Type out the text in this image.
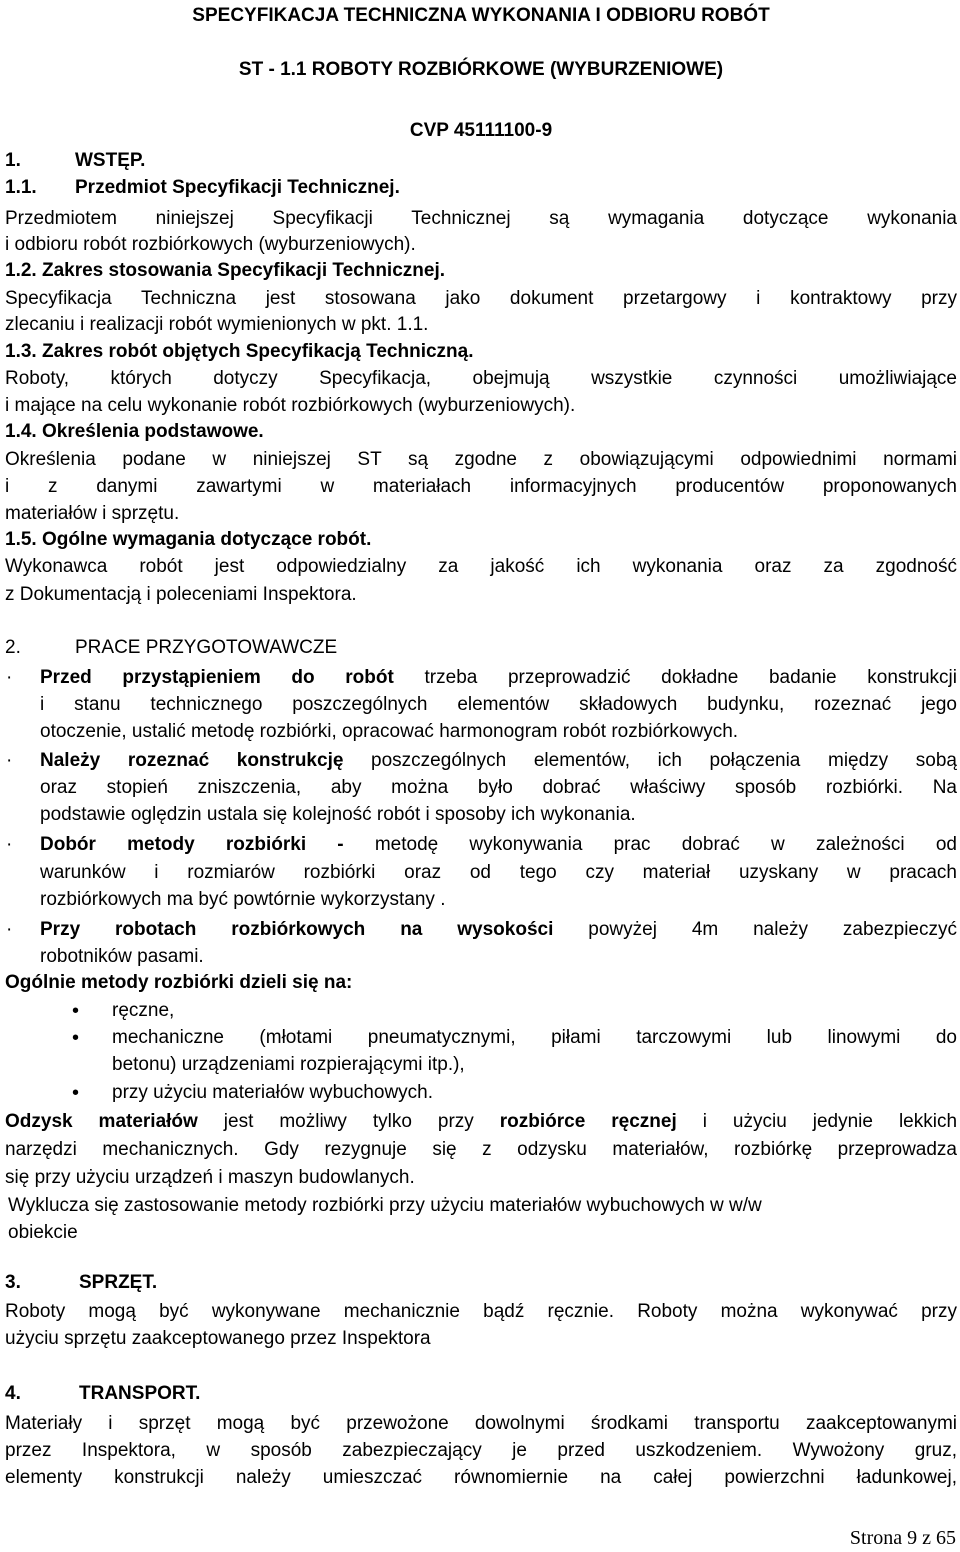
SPECYFIKACJA TECHNICZNA WYKONANIA I ODBIORU ROBÓT
ST - 1.1 ROBOTY ROZBIÓRKOWE (WYBURZENIOWE)
CVP 45111100-9
1.	WSTĘP.
1.1. Przedmiot Specyfikacji Technicznej.
Przedmiotem niniejszej Specyfikacji Technicznej są wymagania dotyczące wykonania
i odbioru robót rozbiórkowych (wyburzeniowych).
1.2. Zakres stosowania Specyfikacji Technicznej.
Specyfikacja Techniczna jest stosowana jako dokument przetargowy i kontraktowy przy
zlecaniu i realizacji robót wymienionych w pkt. 1.1.
1.3. Zakres robót objętych Specyfikacją Techniczną.
Roboty, których dotyczy Specyfikacja, obejmują wszystkie czynności umożliwiające
i mające na celu wykonanie robót rozbiórkowych (wyburzeniowych).
1.4. Określenia podstawowe.
Określenia podane w niniejszej ST są zgodne z obowiązującymi odpowiednimi normami
i z danymi zawartymi w materiałach informacyjnych producentów proponowanych
materiałów i sprzętu.
1.5. Ogólne wymagania dotyczące robót.
Wykonawca robót jest odpowiedzialny za jakość ich wykonania oraz za zgodność
z Dokumentacją i poleceniami Inspektora.
2.	PRACE PRZYGOTOWAWCZE
·	Przed przystąpieniem do robót trzeba przeprowadzić dokładne badanie konstrukcji
i stanu technicznego poszczególnych elementów składowych budynku, rozeznać jego
otoczenie, ustalić metodę rozbiórki, opracować harmonogram robót rozbiórkowych.
·	Należy rozeznać konstrukcję poszczególnych elementów, ich połączenia między sobą
oraz stopień zniszczenia, aby można było dobrać właściwy sposób rozbiórki. Na
podstawie oględzin ustala się kolejność robót i sposoby ich wykonania.
·	Dobór metody rozbiórki - metodę wykonywania prac dobrać w zależności od
warunków i rozmiarów rozbiórki oraz od tego czy materiał uzyskany w pracach
rozbiórkowych ma być powtórnie wykorzystany .
·	Przy robotach rozbiórkowych na wysokości powyżej 4m należy zabezpieczyć
robotników pasami.
Ogólnie metody rozbiórki dzieli się na:
•	ręczne,
•	mechaniczne (młotami pneumatycznymi, piłami tarczowymi lub linowymi do
betonu) urządzeniami rozpierającymi itp.),
•	przy użyciu materiałów wybuchowych.
Odzysk materiałów jest możliwy tylko przy rozbiórce ręcznej i użyciu jedynie lekkich
narzędzi mechanicznych. Gdy rezygnuje się z odzysku materiałów, rozbiórkę przeprowadza
się przy użyciu urządzeń i maszyn budowlanych.
Wyklucza się zastosowanie metody rozbiórki przy użyciu materiałów wybuchowych w w/w
obiekcie
3.	SPRZĘT.
Roboty mogą być wykonywane mechanicznie bądź ręcznie. Roboty można wykonywać przy
użyciu sprzętu zaakceptowanego przez Inspektora
4.	TRANSPORT.
Materiały i sprzęt mogą być przewożone dowolnymi środkami transportu zaakceptowanymi
przez Inspektora, w sposób zabezpieczający je przed uszkodzeniem. Wywożony gruz,
elementy konstrukcji należy umieszczać równomiernie na całej powierzchni ładunkowej,
Strona 9 z 65
